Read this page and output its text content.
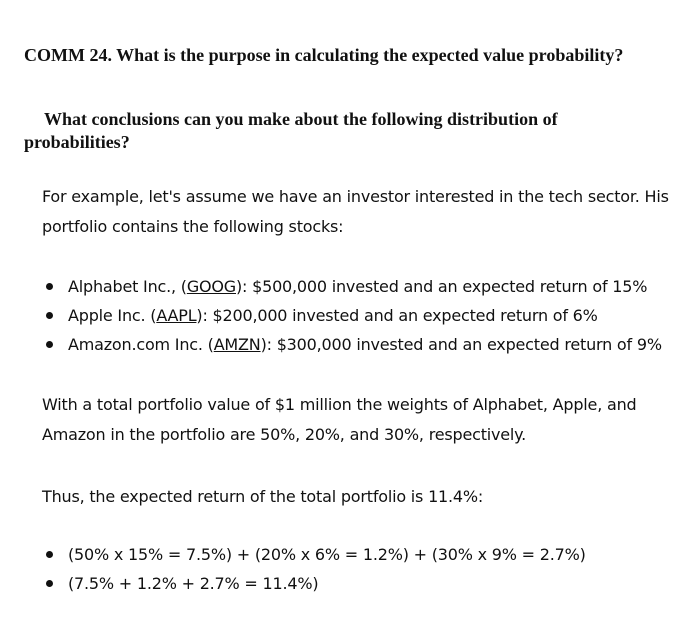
COMM 24. What is the purpose in calculating the expected value probability?
What conclusions can you make about the following distribution of
probabilities?
For example, let's assume we have an investor interested in the tech sector. His portfolio contains the following stocks:
Alphabet Inc., (GOOG): $500,000 invested and an expected return of 15%
Apple Inc. (AAPL): $200,000 invested and an expected return of 6%
Amazon.com Inc. (AMZN): $300,000 invested and an expected return of 9%
With a total portfolio value of $1 million the weights of Alphabet, Apple, and Amazon in the portfolio are 50%, 20%, and 30%, respectively.
Thus, the expected return of the total portfolio is 11.4%:
(50% x 15% = 7.5%) + (20% x 6% = 1.2%) + (30% x 9% = 2.7%)
(7.5% + 1.2% + 2.7% = 11.4%)
